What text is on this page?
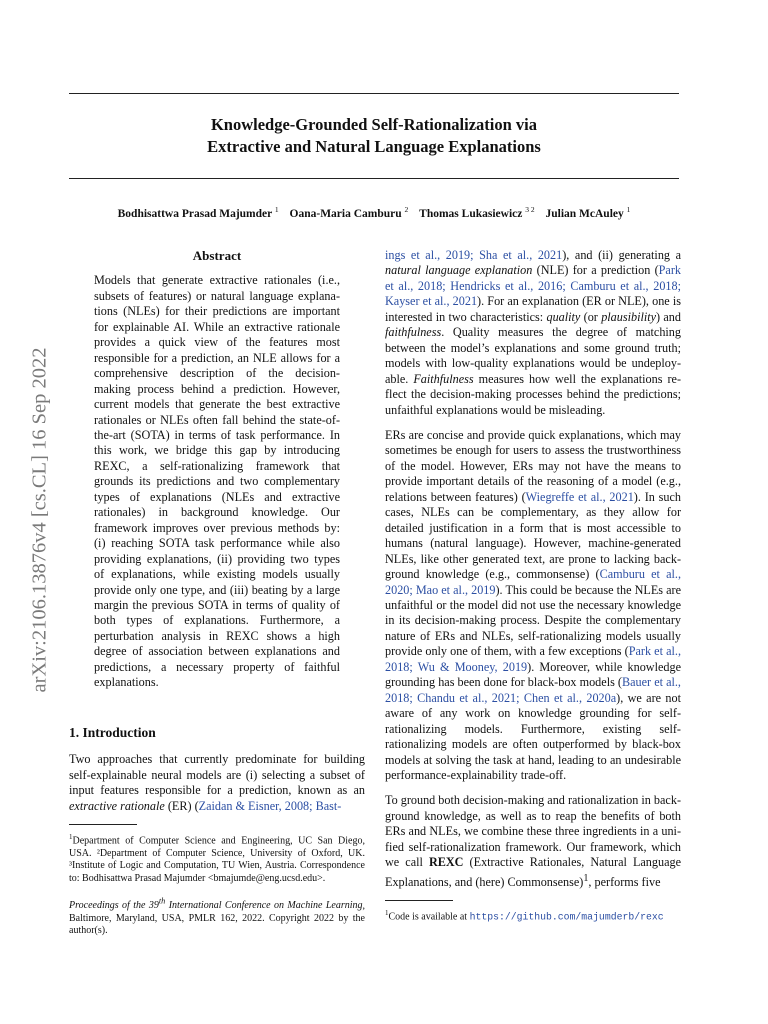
Knowledge-Grounded Self-Rationalization via
Extractive and Natural Language Explanations
Bodhisattwa Prasad Majumder $^1$ Oana-Maria Camburu $^2$ Thomas Lukasiewicz $^{3 2}$ Julian McAuley $^1$
arXiv:2106.13876v4 [cs.CL] 16 Sep 2022
Abstract
Models that generate extractive rationales (i.e., subsets of features) or natural language explanations (NLEs) for their predictions are important for explainable AI. While an extractive rationale provides a quick view of the features most responsible for a prediction, an NLE allows for a comprehensive description of the decision-making process behind a prediction. However, current models that generate the best extractive rationales or NLEs often fall behind the state-of-the-art (SOTA) in terms of task performance. In this work, we bridge this gap by introducing REXC, a self-rationalizing framework that grounds its predictions and two complementary types of explanations (NLEs and extractive rationales) in background knowledge. Our framework improves over previous methods by: (i) reaching SOTA task performance while also providing explanations, (ii) providing two types of explanations, while existing models usually provide only one type, and (iii) beating by a large margin the previous SOTA in terms of quality of both types of explanations. Furthermore, a perturbation analysis in REXC shows a high degree of association between explanations and predictions, a necessary property of faithful explanations.
1. Introduction

Two approaches that currently predominate for building self-explainable neural models are (i) selecting a subset of input features responsible for a prediction, known as an extractive rationale (ER) (Zaidan & Eisner, 2008; Bast-

$^1$Department of Computer Science and Engineering, UC San Diego, USA. ²Department of Computer Science, University of Oxford, UK. ³Institute of Logic and Computation, TU Wien, Austria. Correspondence to: Bodhisattwa Prasad Majumder <bmajumde@eng.ucsd.edu>.
Proceedings of the 39th International Conference on Machine Learning, Baltimore, Maryland, USA, PMLR 162, 2022. Copyright 2022 by the author(s).

ings et al., 2019; Sha et al., 2021), and (ii) generating a natural language explanation (NLE) for a prediction (Park et al., 2018; Hendricks et al., 2016; Camburu et al., 2018; Kayser et al., 2021). For an explanation (ER or NLE), one is interested in two characteristics: quality (or plausibility) and faithfulness. Quality measures the degree of matching between the model’s explanations and some ground truth; models with low-quality explanations would be undeployable. Faithfulness measures how well the explanations reflect the decision-making processes behind the predictions; unfaithful explanations would be misleading.

ERs are concise and provide quick explanations, which may sometimes be enough for users to assess the trustworthiness of the model. However, ERs may not have the means to provide important details of the reasoning of a model (e.g., relations between features) (Wiegreffe et al., 2021). In such cases, NLEs can be complementary, as they allow for detailed justification in a form that is most accessible to humans (natural language). However, machine-generated NLEs, like other generated text, are prone to lacking background knowledge (e.g., commonsense) (Camburu et al., 2020; Mao et al., 2019). This could be because the NLEs are unfaithful or the model did not use the necessary knowledge in its decision-making process. Despite the complementary nature of ERs and NLEs, self-rationalizing models usually provide only one of them, with a few exceptions (Park et al., 2018; Wu & Mooney, 2019). Moreover, while knowledge grounding has been done for black-box models (Bauer et al., 2018; Chandu et al., 2021; Chen et al., 2020a), we are not aware of any work on knowledge grounding for self-rationalizing models. Furthermore, existing self-rationalizing models are often outperformed by black-box models at solving the task at hand, leading to an undesirable performance-explainability trade-off.

To ground both decision-making and rationalization in background knowledge, as well as to reap the benefits of both ERs and NLEs, we combine these three ingredients in a unified self-rationalization framework. Our framework, which we call REXC (Extractive Rationales, Natural Language Explanations, and (here) Commonsense)$^1$, performs five

$^1$Code is available at https://github.com/majumderb/rexc
